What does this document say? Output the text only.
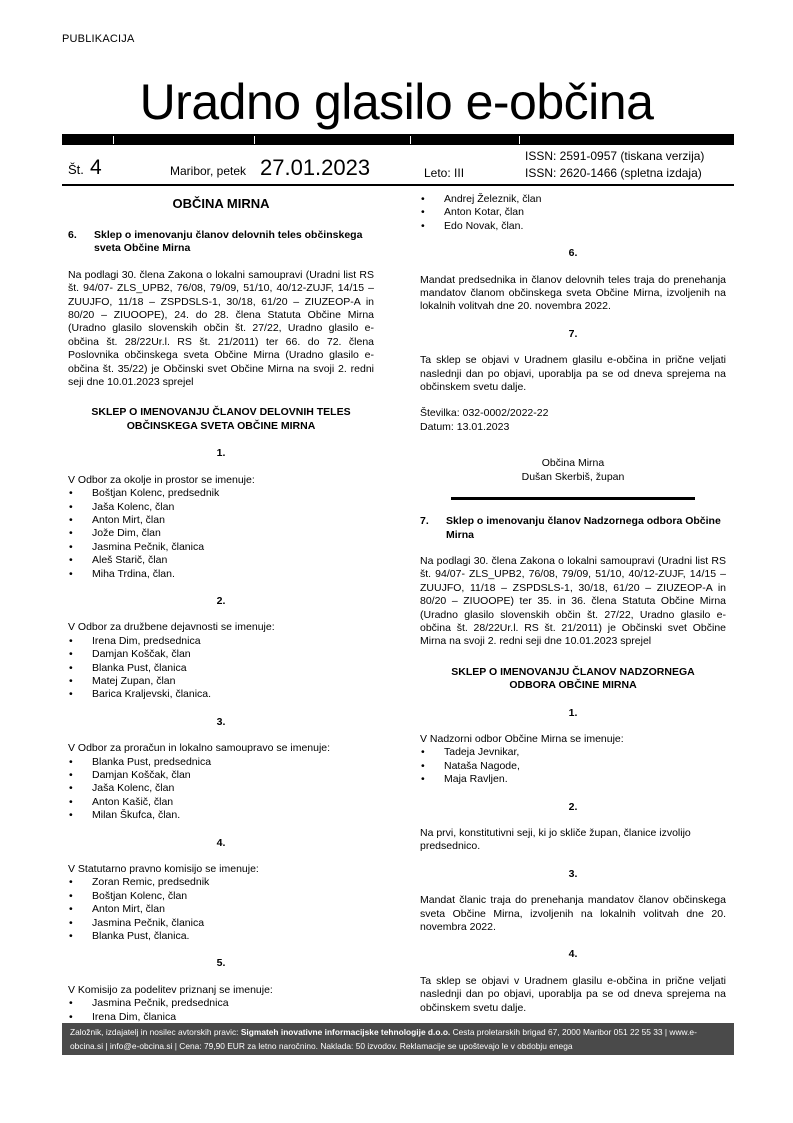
PUBLIKACIJA
Uradno glasilo e-občina
Št. 4	Maribor, petek 27.01.2023	Leto: III
ISSN: 2591-0957 (tiskana verzija)
ISSN: 2620-1466 (spletna izdaja)

OBČINA MIRNA

6.	Sklep o imenovanju članov delovnih teles občinskega sveta Občine Mirna

Na podlagi 30. člena Zakona o lokalni samoupravi (Uradni list RS št. 94/07- ZLS_UPB2, 76/08, 79/09, 51/10, 40/12-ZUJF, 14/15 – ZUUJFO, 11/18 – ZSPDSLS-1, 30/18, 61/20 – ZIUZEOP-A in 80/20 – ZIUOOPE), 24. do 28. člena Statuta Občine Mirna (Uradno glasilo slovenskih občin št. 27/22, Uradno glasilo e-občina št. 28/22Ur.l. RS št. 21/2011) ter 66. do 72. člena Poslovnika občinskega sveta Občine Mirna (Uradno glasilo e-občina št. 35/22) je Občinski svet Občine Mirna na svoji 2. redni seji dne 10.01.2023 sprejel

SKLEP O IMENOVANJU ČLANOV DELOVNIH TELES OBČINSKEGA SVETA OBČINE MIRNA

1.

V Odbor za okolje in prostor se imenuje:

• Boštjan Kolenc, predsednik
• Jaša Kolenc, član
• Anton Mirt, član
• Jože Dim, član
• Jasmina Pečnik, članica
• Aleš Starič, član
• Miha Trdina, član.

2.

V Odbor za družbene dejavnosti se imenuje:

• Irena Dim, predsednica
• Damjan Koščak, član
• Blanka Pust, članica
• Matej Zupan, član
• Barica Kraljevski, članica.

3.

V Odbor za proračun in lokalno samoupravo se imenuje:

• Blanka Pust, predsednica
• Damjan Koščak, član
• Jaša Kolenc, član
• Anton Kašič, član
• Milan Škufca, član.

4.

V Statutarno pravno komisijo se imenuje:

• Zoran Remic, predsednik
• Boštjan Kolenc, član
• Anton Mirt, član
• Jasmina Pečnik, članica
• Blanka Pust, članica.

5.

V Komisijo za podelitev priznanj se imenuje:

• Jasmina Pečnik, predsednica
• Irena Dim, članica
• Andrej Železnik, član
• Anton Kotar, član
• Edo Novak, član.

6.

Mandat predsednika in članov delovnih teles traja do prenehanja mandatov članom občinskega sveta Občine Mirna, izvoljenih na lokalnih volitvah dne 20. novembra 2022.

7.

Ta sklep se objavi v Uradnem glasilu e-občina in prične veljati naslednji dan po objavi, uporablja pa se od dneva sprejema na občinskem svetu dalje.

Številka: 032-0002/2022-22

Datum: 13.01.2023

Občina Mirna

Dušan Skerbiš, župan

7.	Sklep o imenovanju članov Nadzornega odbora Občine Mirna

Na podlagi 30. člena Zakona o lokalni samoupravi (Uradni list RS št. 94/07- ZLS_UPB2, 76/08, 79/09, 51/10, 40/12-ZUJF, 14/15 – ZUUJFO, 11/18 – ZSPDSLS-1, 30/18, 61/20 – ZIUZEOP-A in 80/20 – ZIUOOPE) ter 35. in 36. člena Statuta Občine Mirna (Uradno glasilo slovenskih občin št. 27/22, Uradno glasilo e-občina št. 28/22Ur.l. RS št. 21/2011) je Občinski svet Občine Mirna na svoji 2. redni seji dne 10.01.2023 sprejel

SKLEP O IMENOVANJU ČLANOV NADZORNEGA ODBORA OBČINE MIRNA

1.

V Nadzorni odbor Občine Mirna se imenuje:

• Tadeja Jevnikar,
• Nataša Nagode,
• Maja Ravljen.

2.

Na prvi, konstitutivni seji, ki jo skliče župan, članice izvolijo predsednico.

3.

Mandat članic traja do prenehanja mandatov članov občinskega sveta Občine Mirna, izvoljenih na lokalnih volitvah dne 20. novembra 2022.

4.

Ta sklep se objavi v Uradnem glasilu e-občina in prične veljati naslednji dan po objavi, uporablja pa se od dneva sprejema na občinskem svetu dalje.

Založnik, izdajatelj in nosilec avtorskih pravic: Sigmateh inovativne informacijske tehnologije d.o.o. Cesta proletarskih brigad 67, 2000 Maribor 051 22 55 33 | www.e-obcina.si | info@e-obcina.si | Cena: 79,90 EUR za letno naročnino. Naklada: 50 izvodov. Reklamacije se upoštevajo le v obdobju enega
